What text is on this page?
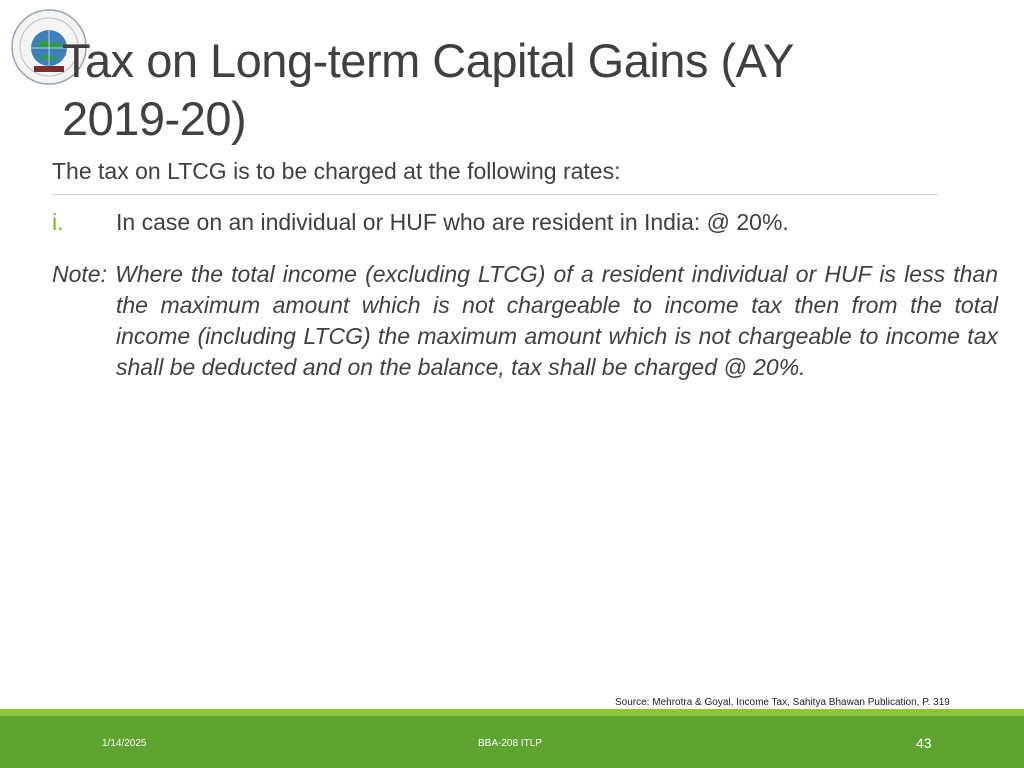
Tax on Long-term Capital Gains (AY
2019-20)
The tax on LTCG is to be charged at the following rates:
i. In case on an individual or HUF who are resident in India: @ 20%.
Note: Where the total income (excluding LTCG) of a resident individual or HUF is less than the maximum amount which is not chargeable to income tax then from the total income (including LTCG) the maximum amount which is not chargeable to income tax shall be deducted and on the balance, tax shall be charged @ 20%.
Source: Mehrotra & Goyal, Income Tax, Sahitya Bhawan Publication, P. 319
1/14/2025	BBA-208 ITLP	43
